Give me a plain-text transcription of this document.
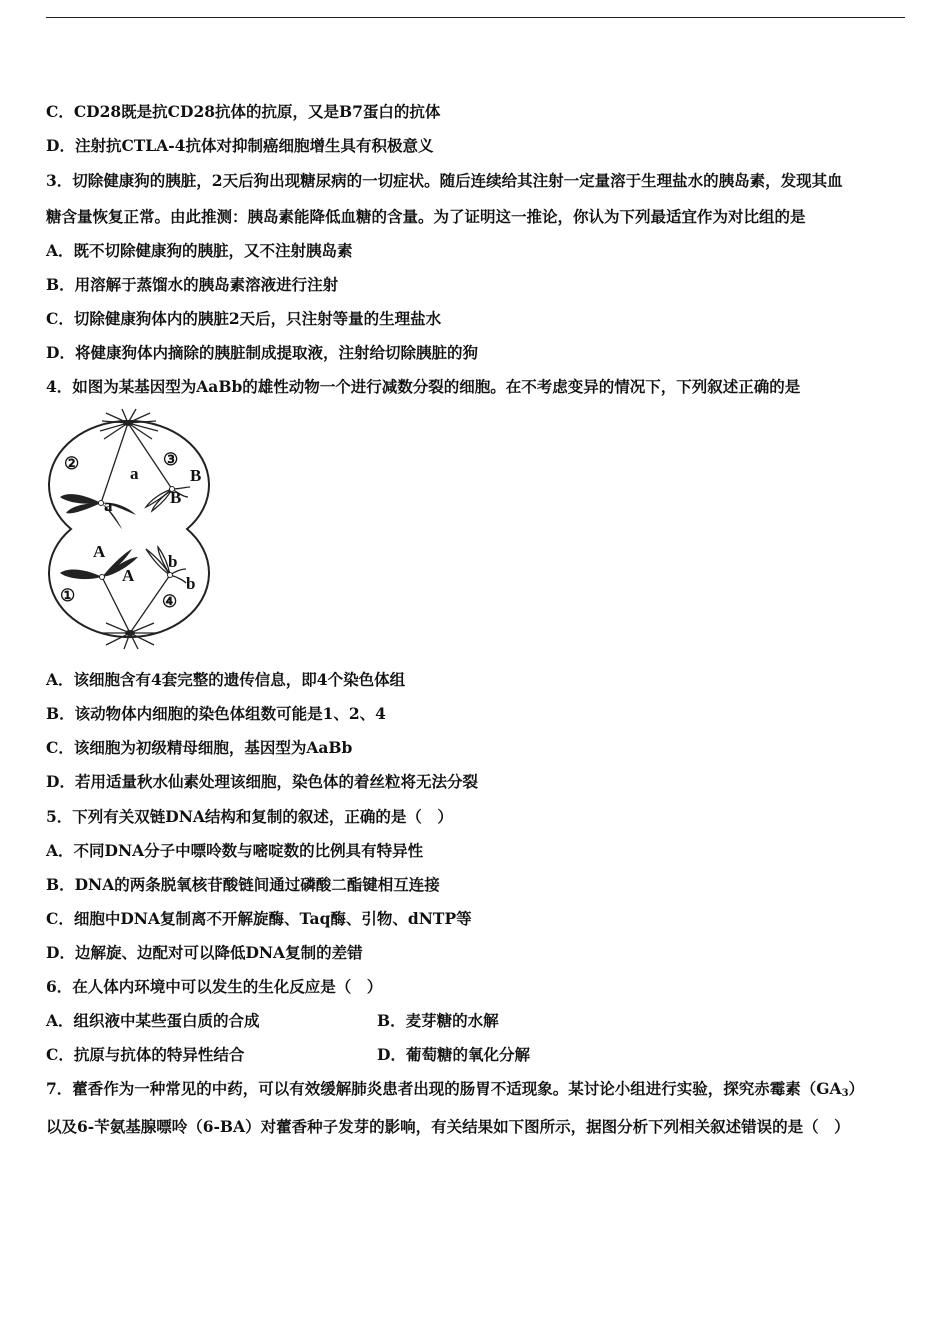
C．CD28既是抗CD28抗体的抗原，又是B7蛋白的抗体
D．注射抗CTLA-4抗体对抑制癌细胞增生具有积极意义
3．切除健康狗的胰脏，2天后狗出现糖尿病的一切症状。随后连续给其注射一定量溶于生理盐水的胰岛素，发现其血
糖含量恢复正常。由此推测：胰岛素能降低血糖的含量。为了证明这一推论，你认为下列最适宜作为对比组的是
A．既不切除健康狗的胰脏，又不注射胰岛素
B．用溶解于蒸馏水的胰岛素溶液进行注射
C．切除健康狗体内的胰脏2天后，只注射等量的生理盐水
D．将健康狗体内摘除的胰脏制成提取液，注射给切除胰脏的狗
4．如图为某基因型为AaBb的雄性动物一个进行减数分裂的细胞。在不考虑变异的情况下，下列叙述正确的是
②	③
①	④
a
a
B
B
A
A
b
b
A．该细胞含有4套完整的遗传信息，即4个染色体组
B．该动物体内细胞的染色体组数可能是1、2、4
C．该细胞为初级精母细胞，基因型为AaBb
D．若用适量秋水仙素处理该细胞，染色体的着丝粒将无法分裂
5．下列有关双链DNA结构和复制的叙述，正确的是（　）
A．不同DNA分子中嘌呤数与嘧啶数的比例具有特异性
B．DNA的两条脱氧核苷酸链间通过磷酸二酯键相互连接
C．细胞中DNA复制离不开解旋酶、Taq酶、引物、dNTP等
D．边解旋、边配对可以降低DNA复制的差错
6．在人体内环境中可以发生的生化反应是（　）
A．组织液中某些蛋白质的合成	B．麦芽糖的水解
C．抗原与抗体的特异性结合	D．葡萄糖的氧化分解
7．藿香作为一种常见的中药，可以有效缓解肺炎患者出现的肠胃不适现象。某讨论小组进行实验，探究赤霉素$(GA_3)$
以及6-苄氨基腺嘌呤（6-BA）对藿香种子发芽的影响，有关结果如下图所示，据图分析下列相关叙述错误的是（　）
